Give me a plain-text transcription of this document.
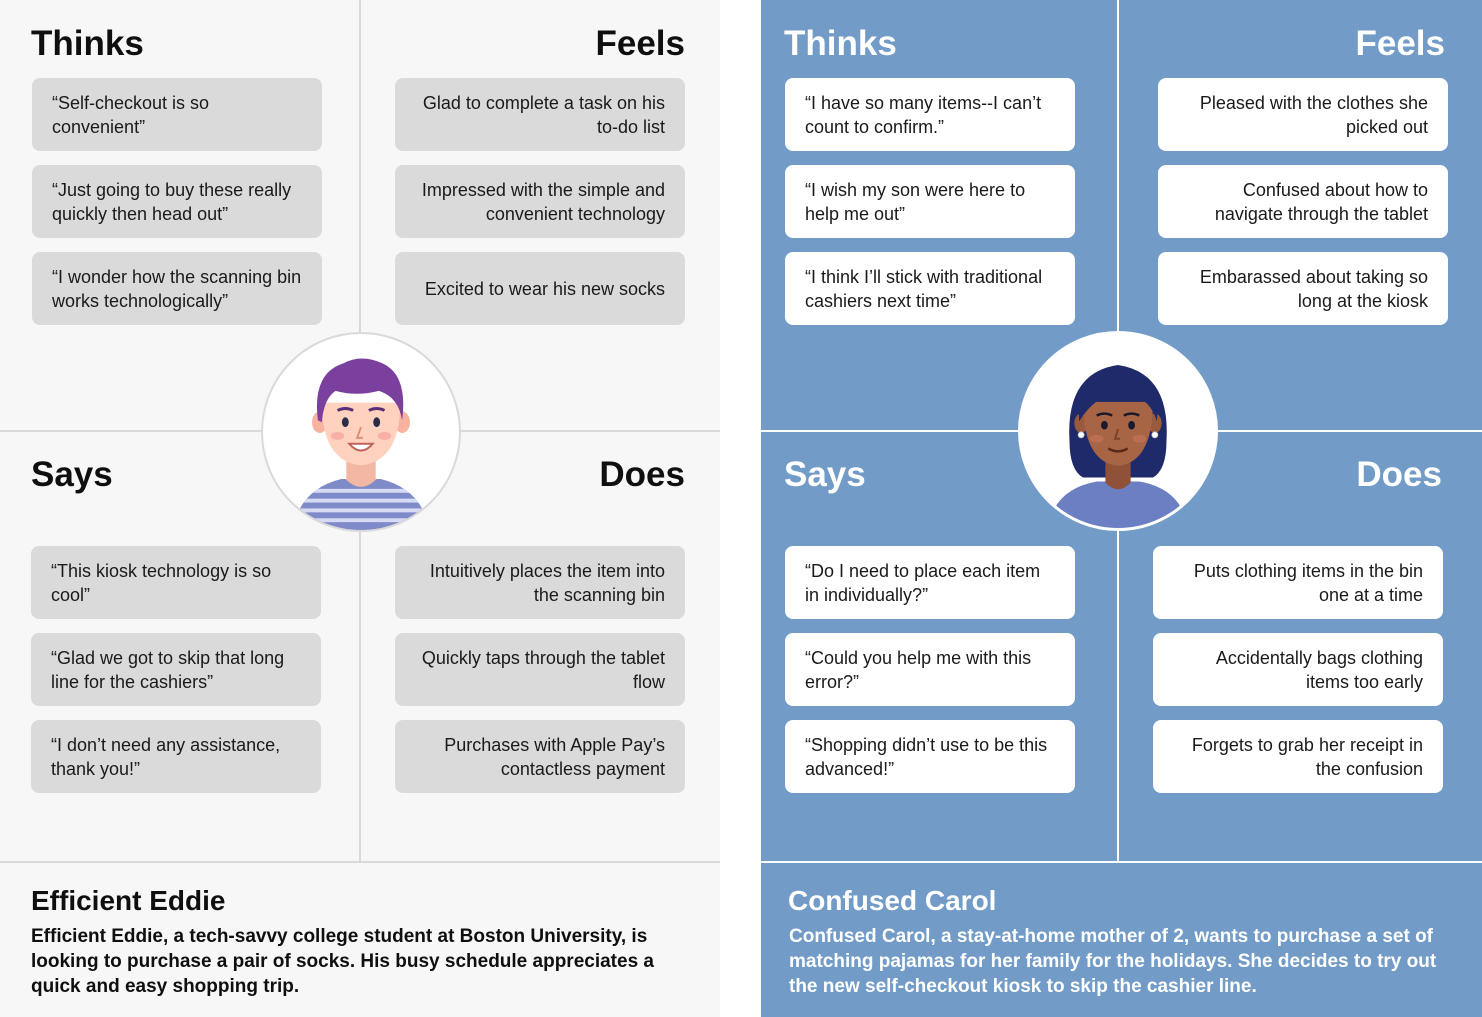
Thinks	Feels
Says	Does
“Self-checkout is so convenient”
“Just going to buy these really quickly then head out”
“I wonder how the scanning bin works technologically”
Glad to complete a task on his to-do list
Impressed with the simple and convenient technology
Excited to wear his new socks
“This kiosk technology is so cool”
“Glad we got to skip that long line for the cashiers”
“I don’t need any assistance, thank you!”
Intuitively places the item into the scanning bin
Quickly taps through the tablet flow
Purchases with Apple Pay’s contactless payment
Efficient Eddie
Efficient Eddie, a tech-savvy college student at Boston University, is looking to purchase a pair of socks. His busy schedule appreciates a quick and easy shopping trip.
Thinks	Feels
Says	Does
“I have so many items--I can’t count to confirm.”
“I wish my son were here to help me out”
“I think I’ll stick with traditional cashiers next time”
Pleased with the clothes she picked out
Confused about how to navigate through the tablet
Embarassed about taking so long at the kiosk
“Do I need to place each item in individually?”
“Could you help me with this error?”
“Shopping didn’t use to be this advanced!”
Puts clothing items in the bin one at a time
Accidentally bags clothing items too early
Forgets to grab her receipt in the confusion
Confused Carol
Confused Carol, a stay-at-home mother of 2, wants to purchase a set of matching pajamas for her family for the holidays. She decides to try out the new self-checkout kiosk to skip the cashier line.
